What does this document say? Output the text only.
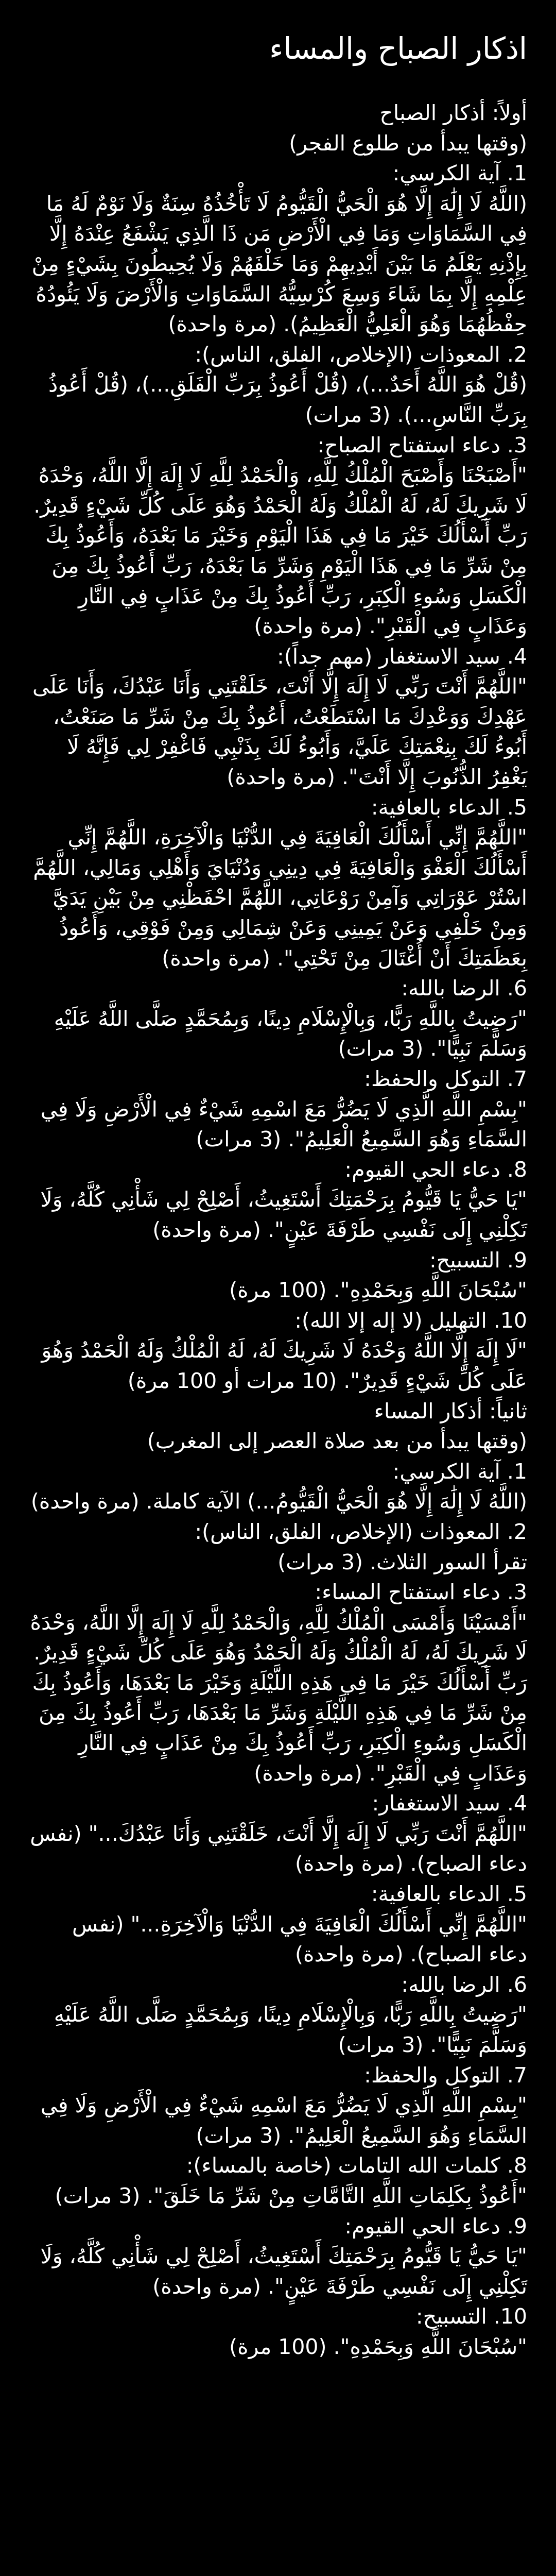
اذكار الصباح والمساء
أولاً: أذكار الصباح
(وقتها يبدأ من طلوع الفجر)
1. آية الكرسي:
(اللَّهُ لَا إِلَٰهَ إِلَّا هُوَ الْحَيُّ الْقَيُّومُ لَا تَأْخُذُهُ سِنَةٌ وَلَا نَوْمٌ لَهُ مَا فِي السَّمَاوَاتِ وَمَا فِي الْأَرْضِ مَن ذَا الَّذِي يَشْفَعُ عِنْدَهُ إِلَّا بِإِذْنِهِ يَعْلَمُ مَا بَيْنَ أَيْدِيهِمْ وَمَا خَلْفَهُمْ وَلَا يُحِيطُونَ بِشَيْءٍ مِنْ عِلْمِهِ إِلَّا بِمَا شَاءَ وَسِعَ كُرْسِيُّهُ السَّمَاوَاتِ وَالْأَرْضَ وَلَا يَئُودُهُ حِفْظُهُمَا وَهُوَ الْعَلِيُّ الْعَظِيمُ). (مرة واحدة)
2. المعوذات (الإخلاص، الفلق، الناس):
(قُلْ هُوَ اللَّهُ أَحَدٌ...)، (قُلْ أَعُوذُ بِرَبِّ الْفَلَقِ...)، (قُلْ أَعُوذُ بِرَبِّ النَّاسِ...). (3 مرات)
3. دعاء استفتاح الصباح:
"أَصْبَحْنَا وَأَصْبَحَ الْمُلْكُ لِلَّهِ، وَالْحَمْدُ لِلَّهِ لَا إِلَهَ إِلَّا اللَّهُ، وَحْدَهُ لَا شَرِيكَ لَهُ، لَهُ الْمُلْكُ وَلَهُ الْحَمْدُ وَهُوَ عَلَى كُلِّ شَيْءٍ قَدِيرٌ. رَبِّ أَسْأَلُكَ خَيْرَ مَا فِي هَذَا الْيَوْمِ وَخَيْرَ مَا بَعْدَهُ، وَأَعُوذُ بِكَ مِنْ شَرِّ مَا فِي هَذَا الْيَوْمِ وَشَرِّ مَا بَعْدَهُ، رَبِّ أَعُوذُ بِكَ مِنَ الْكَسَلِ وَسُوءِ الْكِبَرِ، رَبِّ أَعُوذُ بِكَ مِنْ عَذَابٍ فِي النَّارِ وَعَذَابٍ فِي الْقَبْرِ". (مرة واحدة)
4. سيد الاستغفار (مهم جداً):
"اللَّهُمَّ أَنْتَ رَبِّي لَا إِلَهَ إِلَّا أَنْتَ، خَلَقْتَنِي وَأَنَا عَبْدُكَ، وَأَنَا عَلَى عَهْدِكَ وَوَعْدِكَ مَا اسْتَطَعْتُ، أَعُوذُ بِكَ مِنْ شَرِّ مَا صَنَعْتُ، أَبُوءُ لَكَ بِنِعْمَتِكَ عَلَيَّ، وَأَبُوءُ لَكَ بِذَنْبِي فَاغْفِرْ لِي فَإِنَّهُ لَا يَغْفِرُ الذُّنُوبَ إِلَّا أَنْتَ". (مرة واحدة)
5. الدعاء بالعافية:
"اللَّهُمَّ إِنِّي أَسْأَلُكَ الْعَافِيَةَ فِي الدُّنْيَا وَالْآخِرَةِ، اللَّهُمَّ إِنِّي أَسْأَلُكَ الْعَفْوَ وَالْعَافِيَةَ فِي دِينِي وَدُنْيَايَ وَأَهْلِي وَمَالِي، اللَّهُمَّ اسْتُرْ عَوْرَاتِي وَآمِنْ رَوْعَاتِي، اللَّهُمَّ احْفَظْنِي مِنْ بَيْنِ يَدَيَّ وَمِنْ خَلْفِي وَعَنْ يَمِينِي وَعَنْ شِمَالِي وَمِنْ فَوْقِي، وَأَعُوذُ بِعَظَمَتِكَ أَنْ أُغْتَالَ مِنْ تَحْتِي". (مرة واحدة)
6. الرضا بالله:
"رَضِيتُ بِاللَّهِ رَبًّا، وَبِالْإِسْلَامِ دِينًا، وَبِمُحَمَّدٍ صَلَّى اللَّهُ عَلَيْهِ وَسَلَّمَ نَبِيًّا". (3 مرات)
7. التوكل والحفظ:
"بِسْمِ اللَّهِ الَّذِي لَا يَضُرُّ مَعَ اسْمِهِ شَيْءٌ فِي الْأَرْضِ وَلَا فِي السَّمَاءِ وَهُوَ السَّمِيعُ الْعَلِيمُ". (3 مرات)
8. دعاء الحي القيوم:
"يَا حَيُّ يَا قَيُّومُ بِرَحْمَتِكَ أَسْتَغِيثُ، أَصْلِحْ لِي شَأْنِي كُلَّهُ، وَلَا تَكِلْنِي إِلَى نَفْسِي طَرْفَةَ عَيْنٍ". (مرة واحدة)
9. التسبيح:
"سُبْحَانَ اللَّهِ وَبِحَمْدِهِ". (100 مرة)
10. التهليل (لا إله إلا الله):
"لَا إِلَهَ إِلَّا اللَّهُ وَحْدَهُ لَا شَرِيكَ لَهُ، لَهُ الْمُلْكُ وَلَهُ الْحَمْدُ وَهُوَ عَلَى كُلِّ شَيْءٍ قَدِيرٌ". (10 مرات أو 100 مرة)
ثانياً: أذكار المساء
(وقتها يبدأ من بعد صلاة العصر إلى المغرب)
1. آية الكرسي:
(اللَّهُ لَا إِلَٰهَ إِلَّا هُوَ الْحَيُّ الْقَيُّومُ...) الآية كاملة. (مرة واحدة)
2. المعوذات (الإخلاص، الفلق، الناس):
تقرأ السور الثلاث. (3 مرات)
3. دعاء استفتاح المساء:
"أَمْسَيْنَا وَأَمْسَى الْمُلْكُ لِلَّهِ، وَالْحَمْدُ لِلَّهِ لَا إِلَهَ إِلَّا اللَّهُ، وَحْدَهُ لَا شَرِيكَ لَهُ، لَهُ الْمُلْكُ وَلَهُ الْحَمْدُ وَهُوَ عَلَى كُلِّ شَيْءٍ قَدِيرٌ. رَبِّ أَسْأَلُكَ خَيْرَ مَا فِي هَذِهِ اللَّيْلَةِ وَخَيْرَ مَا بَعْدَهَا، وَأَعُوذُ بِكَ مِنْ شَرِّ مَا فِي هَذِهِ اللَّيْلَةِ وَشَرِّ مَا بَعْدَهَا، رَبِّ أَعُوذُ بِكَ مِنَ الْكَسَلِ وَسُوءِ الْكِبَرِ، رَبِّ أَعُوذُ بِكَ مِنْ عَذَابٍ فِي النَّارِ وَعَذَابٍ فِي الْقَبْرِ". (مرة واحدة)
4. سيد الاستغفار:
"اللَّهُمَّ أَنْتَ رَبِّي لَا إِلَهَ إِلَّا أَنْتَ، خَلَقْتَنِي وَأَنَا عَبْدُكَ..." (نفس دعاء الصباح). (مرة واحدة)
5. الدعاء بالعافية:
"اللَّهُمَّ إِنِّي أَسْأَلُكَ الْعَافِيَةَ فِي الدُّنْيَا وَالْآخِرَةِ..." (نفس دعاء الصباح). (مرة واحدة)
6. الرضا بالله:
"رَضِيتُ بِاللَّهِ رَبًّا، وَبِالْإِسْلَامِ دِينًا، وَبِمُحَمَّدٍ صَلَّى اللَّهُ عَلَيْهِ وَسَلَّمَ نَبِيًّا". (3 مرات)
7. التوكل والحفظ:
"بِسْمِ اللَّهِ الَّذِي لَا يَضُرُّ مَعَ اسْمِهِ شَيْءٌ فِي الْأَرْضِ وَلَا فِي السَّمَاءِ وَهُوَ السَّمِيعُ الْعَلِيمُ". (3 مرات)
8. كلمات الله التامات (خاصة بالمساء):
"أَعُوذُ بِكَلِمَاتِ اللَّهِ التَّامَّاتِ مِنْ شَرِّ مَا خَلَقَ". (3 مرات)
9. دعاء الحي القيوم:
"يَا حَيُّ يَا قَيُّومُ بِرَحْمَتِكَ أَسْتَغِيثُ، أَصْلِحْ لِي شَأْنِي كُلَّهُ، وَلَا تَكِلْنِي إِلَى نَفْسِي طَرْفَةَ عَيْنٍ". (مرة واحدة)
10. التسبيح:
"سُبْحَانَ اللَّهِ وَبِحَمْدِهِ". (100 مرة)
